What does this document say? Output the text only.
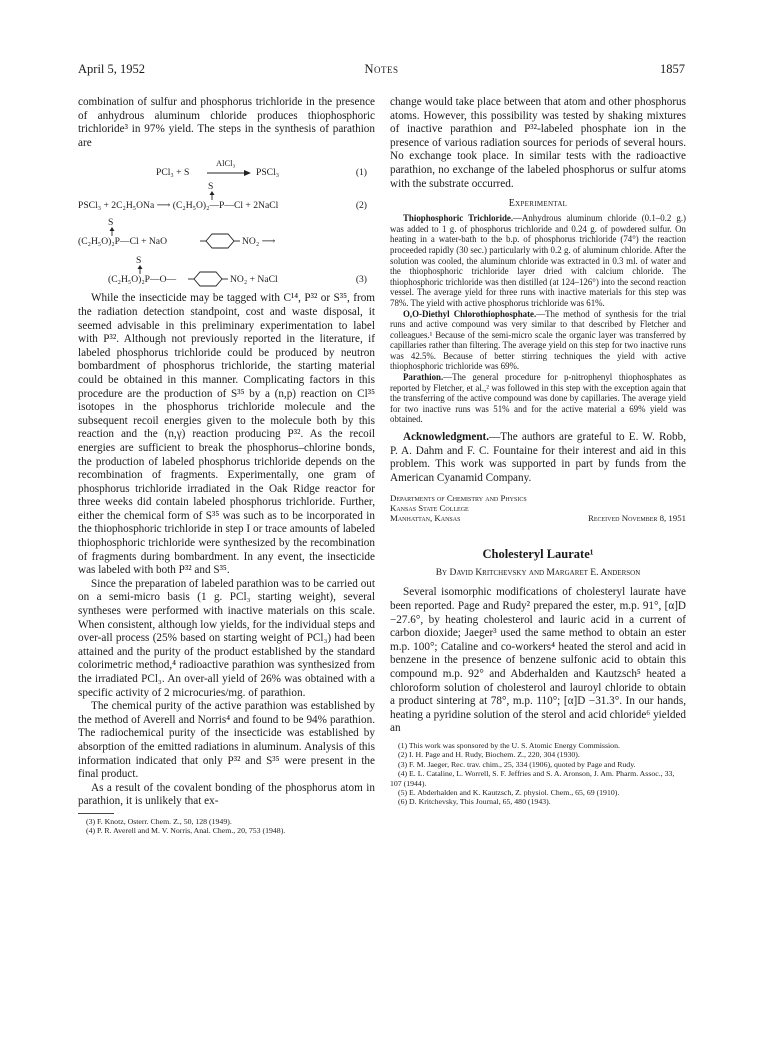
April 5, 1952	Notes	1857

combination of sulfur and phosphorus trichloride in the presence of anhydrous aluminum chloride produces thiophosphoric trichloride³ in 97% yield. The steps in the synthesis of parathion are

PCl₃ + S
AlCl₃
PSCl₃	(1)
S
PSCl₃ + 2C₂H₅ONa ⟶ (C₂H₅O)₂—P—Cl + 2NaCl	(2)
S
(C₂H₅O)₂P—Cl + NaO	NO₂ ⟶
S
(C₂H₅O)₂P—O—	NO₂ + NaCl	(3)

While the insecticide may be tagged with C¹⁴, P³² or S³⁵, from the radiation detection standpoint, cost and waste disposal, it seemed advisable in this preliminary experimentation to label with P³². Although not previously reported in the literature, if labeled phosphorus trichloride could be produced by neutron bombardment of phosphorus trichloride, the starting material could be obtained in this manner. Complicating factors in this procedure are the production of S³⁵ by a (n,p) reaction on Cl³⁵ isotopes in the phosphorus trichloride molecule and the subsequent recoil energies given to the molecule both by this reaction and the (n,γ) reaction producing P³². As the recoil energies are sufficient to break the phosphorus–chlorine bonds, the production of labeled phosphorus trichloride depends on the recombination of fragments. Experimentally, one gram of phosphorus trichloride irradiated in the Oak Ridge reactor for three weeks did contain labeled phosphorus trichloride. Further, either the chemical form of S³⁵ was such as to be incorporated in the thiophosphoric trichloride in step I or trace amounts of labeled thiophosphoric trichloride were synthesized by the recombination of fragments during bombardment. In any event, the insecticide was labeled with both P³² and S³⁵.

Since the preparation of labeled parathion was to be carried out on a semi-micro basis (1 g. PCl₃ starting weight), several syntheses were performed with inactive materials on this scale. When consistent, although low yields, for the individual steps and over-all process (25% based on starting weight of PCl₃) had been attained and the purity of the product established by the standard colorimetric method,⁴ radioactive parathion was synthesized from the irradiated PCl₃. An over-all yield of 26% was obtained with a specific activity of 2 microcuries/mg. of parathion.

The chemical purity of the active parathion was established by the method of Averell and Norris⁴ and found to be 94% parathion. The radiochemical purity of the insecticide was established by absorption of the emitted radiations in aluminum. Analysis of this information indicated that only P³² and S³⁵ were present in the final product.

As a result of the covalent bonding of the phosphorus atom in parathion, it is unlikely that ex-

(3) F. Knotz, Osterr. Chem. Z., 50, 128 (1949).
(4) P. R. Averell and M. V. Norris, Anal. Chem., 20, 753 (1948).

change would take place between that atom and other phosphorus atoms. However, this possibility was tested by shaking mixtures of inactive parathion and P³²-labeled phosphate ion in the presence of various radiation sources for periods of several hours. No exchange took place. In similar tests with the radioactive parathion, no exchange of the labeled phosphorus or sulfur atoms with the substrate occurred.

Experimental

Thiophosphoric Trichloride.—Anhydrous aluminum chloride (0.1–0.2 g.) was added to 1 g. of phosphorus trichloride and 0.24 g. of powdered sulfur. On heating in a water-bath to the b.p. of phosphorus trichloride (74°) the reaction proceeded rapidly (30 sec.) particularly with 0.2 g. of aluminum chloride. After the solution was cooled, the aluminum chloride was extracted in 0.3 ml. of water and the thiophosphoric trichloride layer dried with calcium chloride. The thiophosphoric trichloride was then distilled (at 124–126°) into the second reaction vessel. The average yield for three runs with inactive materials for this step was 78%. The yield with active phosphorus trichloride was 61%.

O,O-Diethyl Chlorothiophosphate.—The method of synthesis for the trial runs and active compound was very similar to that described by Fletcher and colleagues.¹ Because of the semi-micro scale the organic layer was transferred by capillaries rather than filtering. The average yield on this step for two inactive runs was 42.5%. Because of better stirring techniques the yield with active thiophosphoric trichloride was 69%.

Parathion.—The general procedure for p-nitrophenyl thiophosphates as reported by Fletcher, et al.,² was followed in this step with the exception again that the transferring of the active compound was done by capillaries. The average yield for two inactive runs was 51% and for the active material a 69% yield was obtained.

Acknowledgment.—The authors are grateful to E. W. Robb, P. A. Dahm and F. C. Fountaine for their interest and aid in this problem. This work was supported in part by funds from the American Cyanamid Company.

Departments of Chemistry and Physics
Kansas State College
Manhattan, Kansas	Received November 8, 1951
Cholesteryl Laurate¹
By David Kritchevsky and Margaret E. Anderson

Several isomorphic modifications of cholesteryl laurate have been reported. Page and Rudy² prepared the ester, m.p. 91°, [α]D −27.6°, by heating cholesterol and lauric acid in a current of carbon dioxide; Jaeger³ used the same method to obtain an ester m.p. 100°; Cataline and co-workers⁴ heated the sterol and acid in benzene in the presence of benzene sulfonic acid to obtain this compound m.p. 92° and Abderhalden and Kautzsch⁵ heated a chloroform solution of cholesterol and lauroyl chloride to obtain a product sintering at 78°, m.p. 110°; [α]D −31.3°. In our hands, heating a pyridine solution of the sterol and acid chloride⁶ yielded an

(1) This work was sponsored by the U. S. Atomic Energy Commission.
(2) I. H. Page and H. Rudy, Biochem. Z., 220, 304 (1930).
(3) F. M. Jaeger, Rec. trav. chim., 25, 334 (1906), quoted by Page and Rudy.
(4) E. L. Cataline, L. Worrell, S. F. Jeffries and S. A. Aronson, J. Am. Pharm. Assoc., 33, 107 (1944).
(5) E. Abderhalden and K. Kautzsch, Z. physiol. Chem., 65, 69 (1910).
(6) D. Kritchevsky, This Journal, 65, 480 (1943).
